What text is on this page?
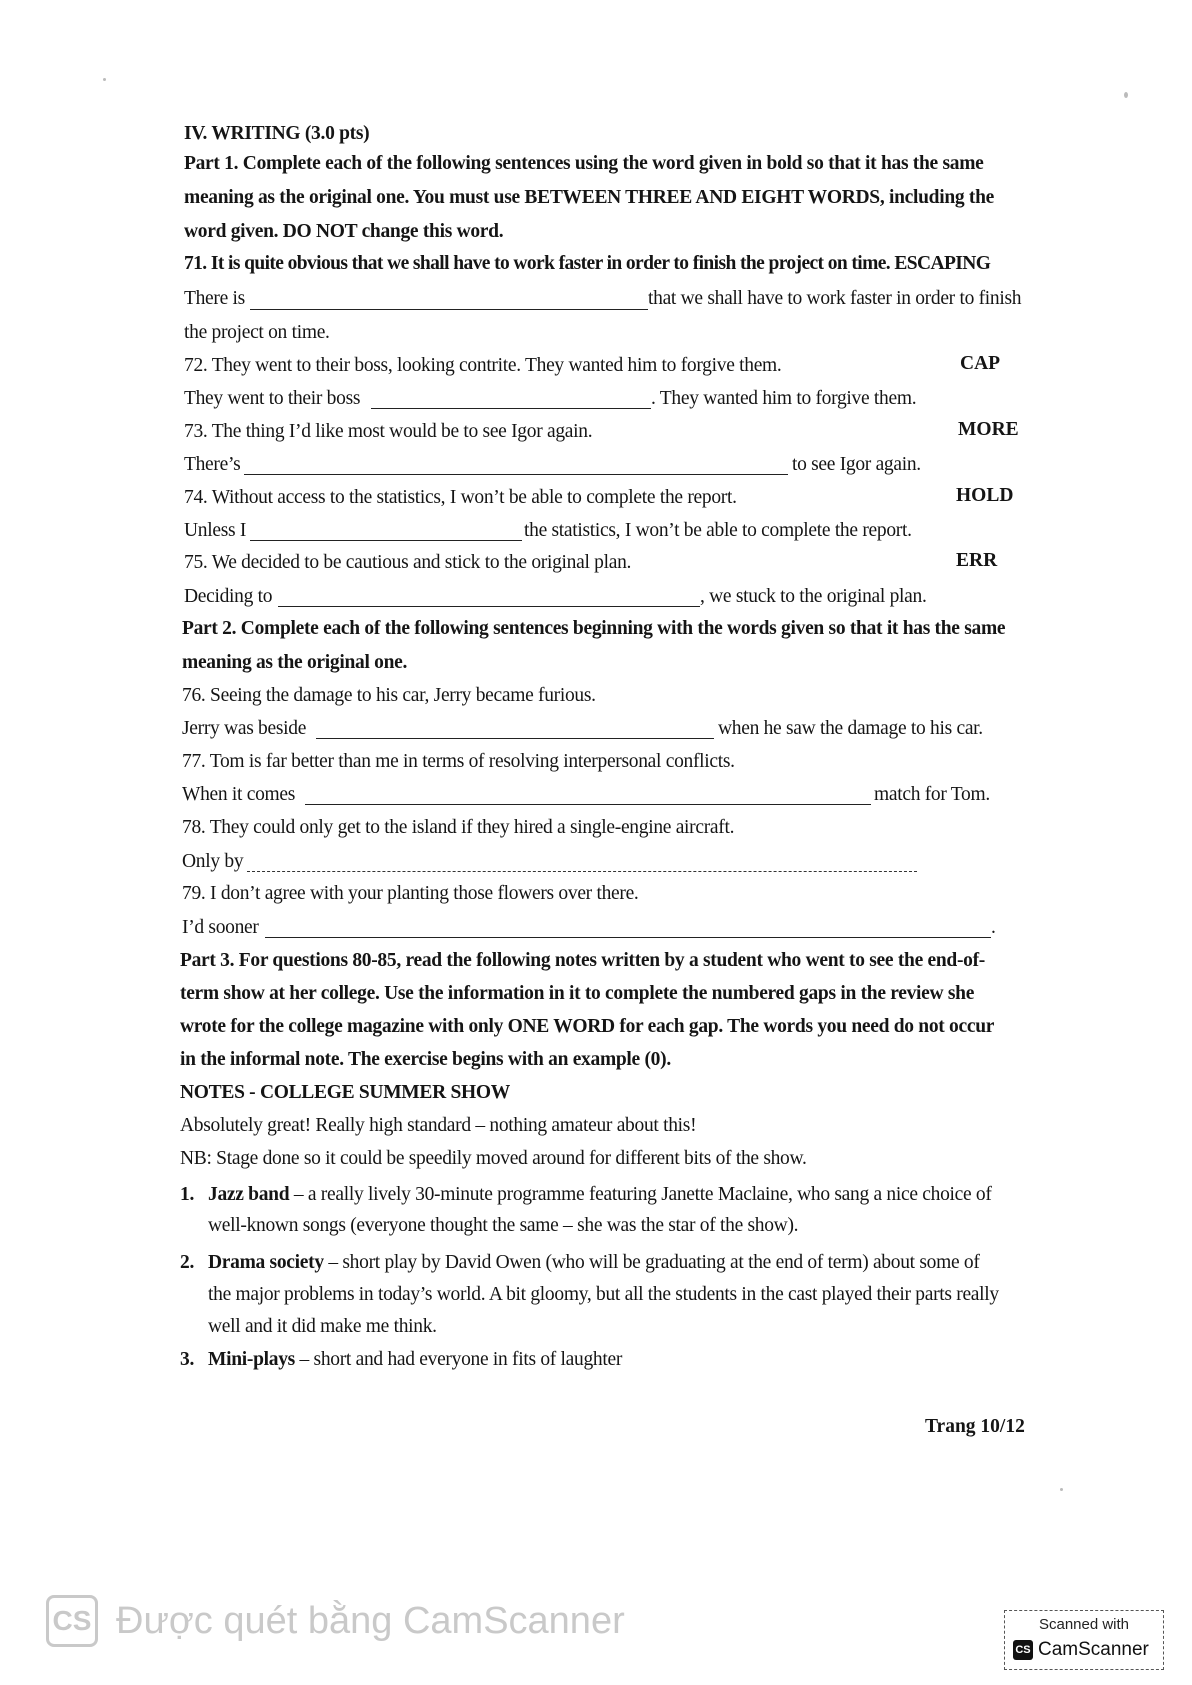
IV. WRITING (3.0 pts)
Part 1. Complete each of the following sentences using the word given in bold so that it has the same
meaning as the original one. You must use BETWEEN THREE AND EIGHT WORDS, including the
word given. DO NOT change this word.
71. It is quite obvious that we shall have to work faster in order to finish the project on time. ESCAPING
There is	that we shall have to work faster in order to finish
the project on time.
72. They went to their boss, looking contrite. They wanted him to forgive them.	CAP
They went to their boss	. They wanted him to forgive them.
73. The thing I’d like most would be to see Igor again.	MORE
There’s	to see Igor again.
74. Without access to the statistics, I won’t be able to complete the report.	HOLD
Unless I	the statistics, I won’t be able to complete the report.
75. We decided to be cautious and stick to the original plan.	ERR
Deciding to	, we stuck to the original plan.
Part 2. Complete each of the following sentences beginning with the words given so that it has the same
meaning as the original one.
76. Seeing the damage to his car, Jerry became furious.
Jerry was beside	when he saw the damage to his car.
77. Tom is far better than me in terms of resolving interpersonal conflicts.
When it comes	match for Tom.
78. They could only get to the island if they hired a single-engine aircraft.
Only by
79. I don’t agree with your planting those flowers over there.
I’d sooner	.
Part 3. For questions 80-85, read the following notes written by a student who went to see the end-of-
term show at her college. Use the information in it to complete the numbered gaps in the review she
wrote for the college magazine with only ONE WORD for each gap. The words you need do not occur
in the informal note. The exercise begins with an example (0).
NOTES - COLLEGE SUMMER SHOW
Absolutely great! Really high standard – nothing amateur about this!
NB: Stage done so it could be speedily moved around for different bits of the show.
1. Jazz band – a really lively 30-minute programme featuring Janette Maclaine, who sang a nice choice of
well-known songs (everyone thought the same – she was the star of the show).
2. Drama society – short play by David Owen (who will be graduating at the end of term) about some of
the major problems in today’s world. A bit gloomy, but all the students in the cast played their parts really
well and it did make me think.
3. Mini-plays – short and had everyone in fits of laughter
Trang 10/12
CS Được quét bằng CamScanner	Scanned with
CS CamScanner
